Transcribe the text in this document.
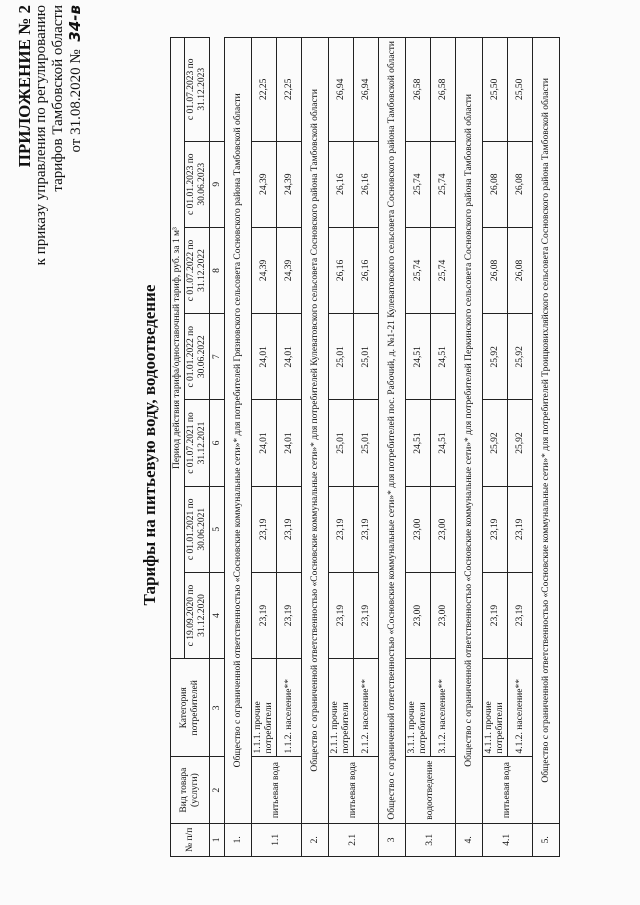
ПРИЛОЖЕНИЕ № 2 к приказу управления по регулированию тарифов Тамбовской области от 31.08.2020 № 34-в
Тарифы на питьевую воду, водоотведение
№ п/п	Вид товара (услуги)	Категория потребителей	Период действия тарифа/одноставочный тариф, руб. за 1 м³						
			с 19.09.2020 по 31.12.2020	с 01.01.2021 по 30.06.2021	с 01.07.2021 по 31.12.2021	с 01.01.2022 по 30.06.2022	с 01.07.2022 по 31.12.2022	с 01.01.2023 по 30.06.2023	с 01.07.2023 по 31.12.2023
1	2	3	4	5	6	7	8	9	
1.	Общество с ограниченной ответственностью «Сосновские коммунальные сети»* для потребителей Грязновского сельсовета Сосновского района Тамбовской области								
1.1	питьевая вода	1.1.1. прочие потребители	23,19	23,19	24,01	24,01	24,39	24,39	22,25
		1.1.2. население**	23,19	23,19	24,01	24,01	24,39	24,39	22,25
2.	Общество с ограниченной ответственностью «Сосновские коммунальные сети»* для потребителей Кулеватовского сельсовета Сосновского района Тамбовской области								
2.1	питьевая вода	2.1.1. прочие потребители	23,19	23,19	25,01	25,01	26,16	26,16	26,94
		2.1.2. население**	23,19	23,19	25,01	25,01	26,16	26,16	26,94
3	Общество с ограниченной ответственностью «Сосновские коммунальные сети»* для потребителей пос. Рабочий, д. №1-21 Кулеватовского сельсовета Сосновского района Тамбовской области								
3.1	водоотведение	3.1.1. прочие потребители	23,00	23,00	24,51	24,51	25,74	25,74	26,58
		3.1.2. население**	23,00	23,00	24,51	24,51	25,74	25,74	26,58
4.	Общество с ограниченной ответственностью «Сосновские коммунальные сети»* для потребителей Перкинского сельсовета Сосновского района Тамбовской области								
4.1	питьевая вода	4.1.1. прочие потребители	23,19	23,19	25,92	25,92	26,08	26,08	25,50
		4.1.2. население**	23,19	23,19	25,92	25,92	26,08	26,08	25,50
5.	Общество с ограниченной ответственностью «Сосновские коммунальные сети»* для потребителей Троицковихляйского сельсовета Сосновского района Тамбовской области								
